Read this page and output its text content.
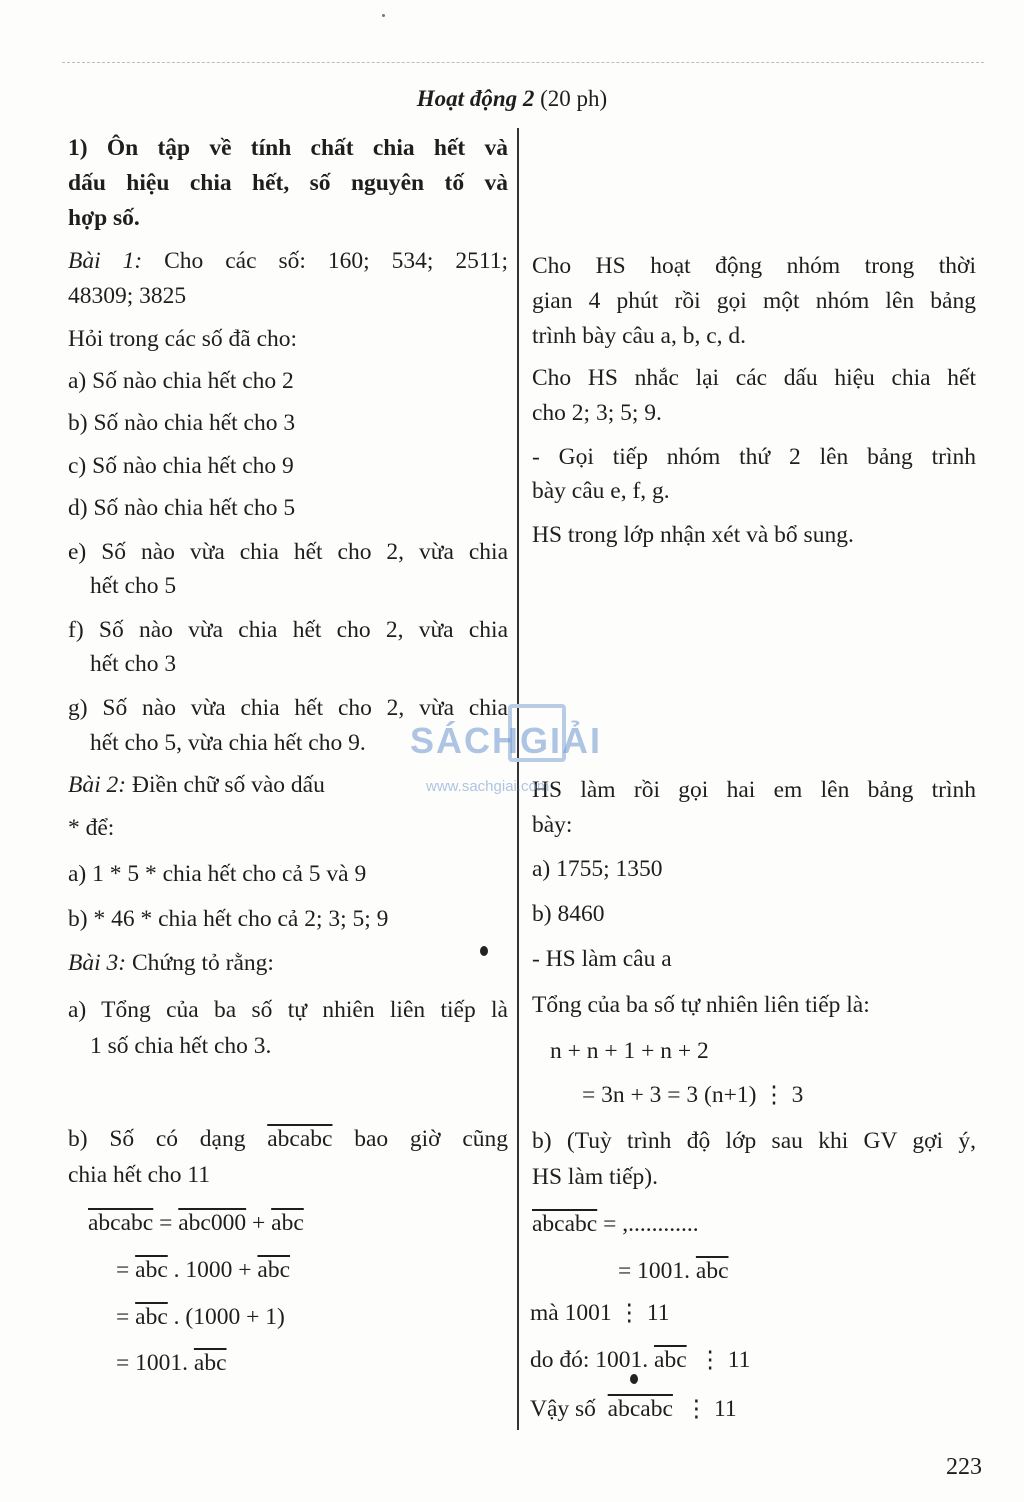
Hoạt động 2 (20 ph)
1) Ôn tập về tính chất chia hết và
dấu hiệu chia hết, số nguyên tố và
hợp số.
Bài 1: Cho các số: 160; 534; 2511;
48309; 3825
Hỏi trong các số đã cho:
a) Số nào chia hết cho 2
b) Số nào chia hết cho 3
c) Số nào chia hết cho 9
d) Số nào chia hết cho 5
e) Số nào vừa chia hết cho 2, vừa chia
hết cho 5
f) Số nào vừa chia hết cho 2, vừa chia
hết cho 3
g) Số nào vừa chia hết cho 2, vừa chia
hết cho 5, vừa chia hết cho 9.
Bài 2: Điền chữ số vào dấu
* để:
a) 1 * 5 * chia hết cho cả 5 và 9
b) * 46 * chia hết cho cả 2; 3; 5; 9
Bài 3: Chứng tỏ rằng:
a) Tổng của ba số tự nhiên liên tiếp là
1 số chia hết cho 3.
b) Số có dạng abcabc bao giờ cũng
chia hết cho 11
abcabc = $abc000 + \overline{abc}$
= $\overline{abc}$ . $1000 + \overline{abc}$
= $\overline{abc}$ . (1000 + 1)
= 1001. $\overline{abc}$
Cho HS hoạt động nhóm trong thời
gian 4 phút rồi gọi một nhóm lên bảng
trình bày câu a, b, c, d.
Cho HS nhắc lại các dấu hiệu chia hết
cho 2; 3; 5; 9.
- Gọi tiếp nhóm thứ 2 lên bảng trình
bày câu e, f, g.
HS trong lớp nhận xét và bổ sung.
HS làm rồi gọi hai em lên bảng trình
bày:
a) 1755; 1350
b) 8460
- HS làm câu a
Tổng của ba số tự nhiên liên tiếp là:
n + n + 1 + n + 2
= 3n + 3 = 3 (n+1) ⋮ 3
b) (Tuỳ trình độ lớp sau khi GV gợi ý,
HS làm tiếp).
abcabc = ,............
= 1001. $\overline{abc}$
mà 1001 ⋮ 11
do đó: 1001. $\overline{abc}$  ⋮ 11
Vậy số  abcabc  ⋮ 11
SÁCHGIẢI
www.sachgiai.com
223
